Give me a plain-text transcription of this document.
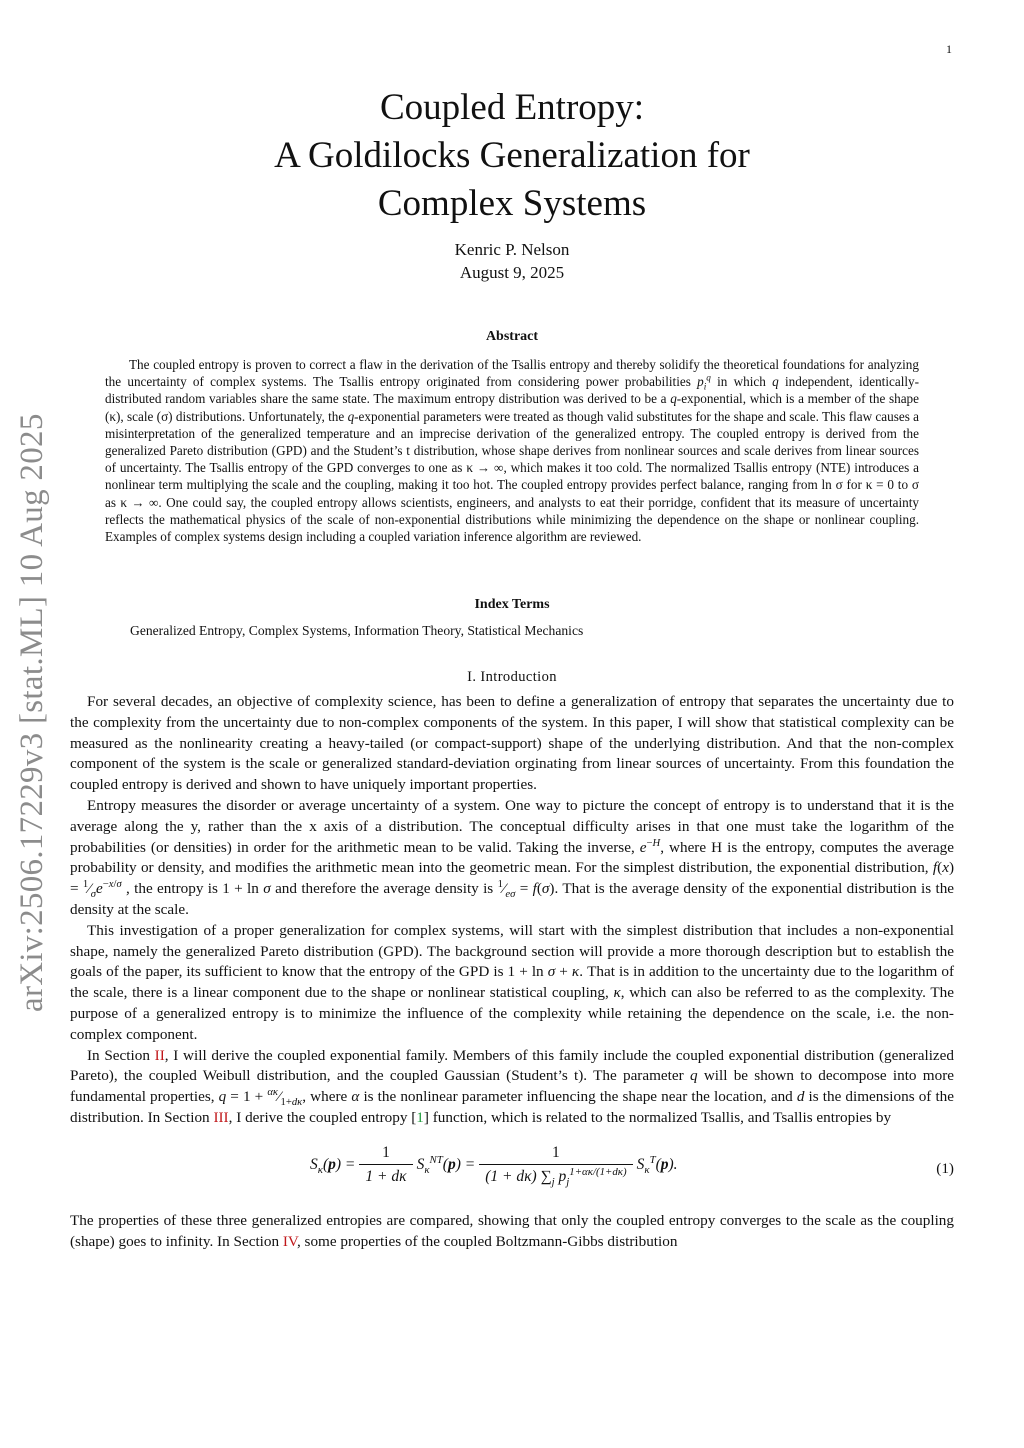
1
arXiv:2506.17229v3 [stat.ML] 10 Aug 2025
Coupled Entropy:
A Goldilocks Generalization for
Complex Systems
Kenric P. Nelson
August 9, 2025
Abstract
The coupled entropy is proven to correct a flaw in the derivation of the Tsallis entropy and thereby solidify the theoretical foundations for analyzing the uncertainty of complex systems. The Tsallis entropy originated from considering power probabilities $p_i^q$ in which q independent, identically-distributed random variables share the same state. The maximum entropy distribution was derived to be a q-exponential, which is a member of the shape (κ), scale (σ) distributions. Unfortunately, the q-exponential parameters were treated as though valid substitutes for the shape and scale. This flaw causes a misinterpretation of the generalized temperature and an imprecise derivation of the generalized entropy. The coupled entropy is derived from the generalized Pareto distribution (GPD) and the Student’s t distribution, whose shape derives from nonlinear sources and scale derives from linear sources of uncertainty. The Tsallis entropy of the GPD converges to one as κ → ∞, which makes it too cold. The normalized Tsallis entropy (NTE) introduces a nonlinear term multiplying the scale and the coupling, making it too hot. The coupled entropy provides perfect balance, ranging from ln σ for κ = 0 to σ as κ → ∞. One could say, the coupled entropy allows scientists, engineers, and analysts to eat their porridge, confident that its measure of uncertainty reflects the mathematical physics of the scale of non-exponential distributions while minimizing the dependence on the shape or nonlinear coupling. Examples of complex systems design including a coupled variation inference algorithm are reviewed.
Index Terms
Generalized Entropy, Complex Systems, Information Theory, Statistical Mechanics
I. Introduction

For several decades, an objective of complexity science, has been to define a generalization of entropy that separates the uncertainty due to the complexity from the uncertainty due to non-complex components of the system. In this paper, I will show that statistical complexity can be measured as the nonlinearity creating a heavy-tailed (or compact-support) shape of the underlying distribution. And that the non-complex component of the system is the scale or generalized standard-deviation orginating from linear sources of uncertainty. From this foundation the coupled entropy is derived and shown to have uniquely important properties.

Entropy measures the disorder or average uncertainty of a system. One way to picture the concept of entropy is to understand that it is the average along the y, rather than the x axis of a distribution. The conceptual difficulty arises in that one must take the logarithm of the probabilities (or densities) in order for the arithmetic mean to be valid. Taking the inverse, $e^{-H}$, where H is the entropy, computes the average probability or density, and modifies the arithmetic mean into the geometric mean. For the simplest distribution, the exponential distribution, $f(x) = ^1⁄_\sigma e^{-x/\sigma}$ , the entropy is 1 + ln σ and therefore the average density is $^1⁄_{e\sigma} = f(\sigma)$. That is the average density of the exponential distribution is the density at the scale.

This investigation of a proper generalization for complex systems, will start with the simplest distribution that includes a non-exponential shape, namely the generalized Pareto distribution (GPD). The background section will provide a more thorough description but to establish the goals of the paper, its sufficient to know that the entropy of the GPD is 1 + ln σ + κ. That is in addition to the uncertainty due to the logarithm of the scale, there is a linear component due to the shape or nonlinear statistical coupling, κ, which can also be referred to as the complexity. The purpose of a generalized entropy is to minimize the influence of the complexity while retaining the dependence on the scale, i.e. the non-complex component.

In Section II, I will derive the coupled exponential family. Members of this family include the coupled exponential distribution (generalized Pareto), the coupled Weibull distribution, and the coupled Gaussian (Student’s t). The parameter q will be shown to decompose into more fundamental properties, $q = 1 + ^{\alpha\kappa}⁄_{1+d\kappa}$, where α is the nonlinear parameter influencing the shape near the location, and d is the dimensions of the distribution. In Section III, I derive the coupled entropy [1] function, which is related to the normalized Tsallis, and Tsallis entropies by

$S_\kappa(p) = \frac{1}{1 + d\kappa} S_\kappa^{NT}(p) = \frac{1}{(1 + d\kappa) \sum_j p_j^{1+\alpha\kappa/(1+d\kappa)}} S_\kappa^T(p)$.	(1)

The properties of these three generalized entropies are compared, showing that only the coupled entropy converges to the scale as the coupling (shape) goes to infinity. In Section IV, some properties of the coupled Boltzmann-Gibbs distribution
